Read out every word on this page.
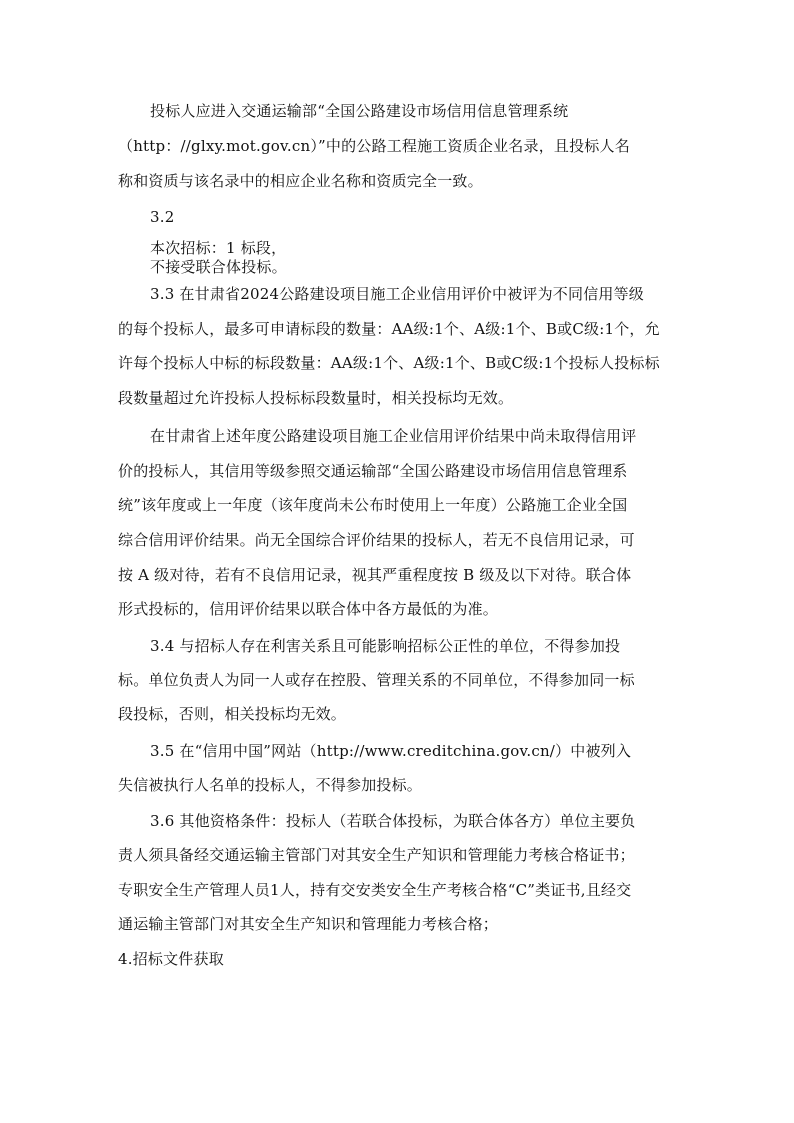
投标人应进入交通运输部“全国公路建设市场信用信息管理系统
（http：//glxy.mot.gov.cn）”中的公路工程施工资质企业名录，且投标人名
称和资质与该名录中的相应企业名称和资质完全一致。
3.2
本次招标：1 标段，
不接受联合体投标。
3.3 在甘肃省2024公路建设项目施工企业信用评价中被评为不同信用等级
的每个投标人，最多可申请标段的数量：AA级:1个、A级:1个、B或C级:1个，允
许每个投标人中标的标段数量：AA级:1个、A级:1个、B或C级:1个投标人投标标
段数量超过允许投标人投标标段数量时，相关投标均无效。
在甘肃省上述年度公路建设项目施工企业信用评价结果中尚未取得信用评
价的投标人，其信用等级参照交通运输部“全国公路建设市场信用信息管理系
统”该年度或上一年度（该年度尚未公布时使用上一年度）公路施工企业全国
综合信用评价结果。尚无全国综合评价结果的投标人，若无不良信用记录，可
按 A 级对待，若有不良信用记录，视其严重程度按 B 级及以下对待。联合体
形式投标的，信用评价结果以联合体中各方最低的为准。
3.4 与招标人存在利害关系且可能影响招标公正性的单位，不得参加投
标。单位负责人为同一人或存在控股、管理关系的不同单位，不得参加同一标
段投标，否则，相关投标均无效。
3.5 在“信用中国”网站（http://www.creditchina.gov.cn/）中被列入
失信被执行人名单的投标人，不得参加投标。
3.6 其他资格条件：投标人（若联合体投标，为联合体各方）单位主要负
责人须具备经交通运输主管部门对其安全生产知识和管理能力考核合格证书；
专职安全生产管理人员1人，持有交安类安全生产考核合格“C”类证书,且经交
通运输主管部门对其安全生产知识和管理能力考核合格；
4.招标文件获取
